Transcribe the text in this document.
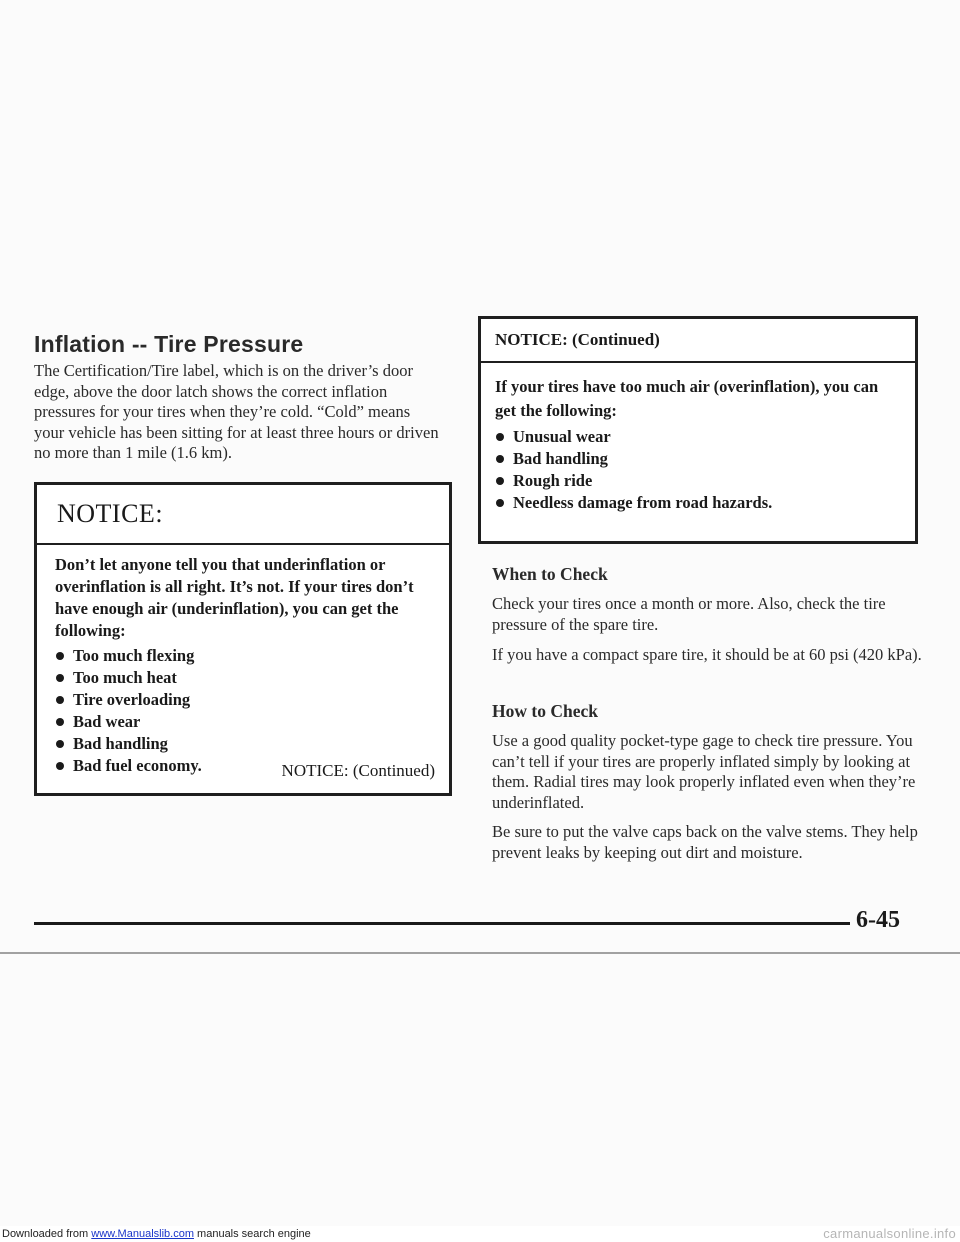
Inflation -- Tire Pressure

The Certification/Tire label, which is on the driver’s door edge, above the door latch shows the correct inflation pressures for your tires when they’re cold. “Cold” means your vehicle has been sitting for at least three hours or driven no more than 1 mile (1.6 km).

NOTICE:

Don’t let anyone tell you that underinflation or overinflation is all right. It’s not. If your tires don’t have enough air (underinflation), you can get the following:

Too much flexing
Too much heat
Tire overloading
Bad wear
Bad handling
Bad fuel economy.	NOTICE: (Continued)
NOTICE: (Continued)

If your tires have too much air (overinflation), you can get the following:

Unusual wear
Bad handling
Rough ride
Needless damage from road hazards.
When to Check

Check your tires once a month or more. Also, check the tire pressure of the spare tire.

If you have a compact spare tire, it should be at 60 psi (420 kPa).

How to Check

Use a good quality pocket-type gage to check tire pressure. You can’t tell if your tires are properly inflated simply by looking at them. Radial tires may look properly inflated even when they’re underinflated.

Be sure to put the valve caps back on the valve stems. They help prevent leaks by keeping out dirt and moisture.

6-45
Downloaded from www.Manualslib.com manuals search engine	carmanualsonline.info
